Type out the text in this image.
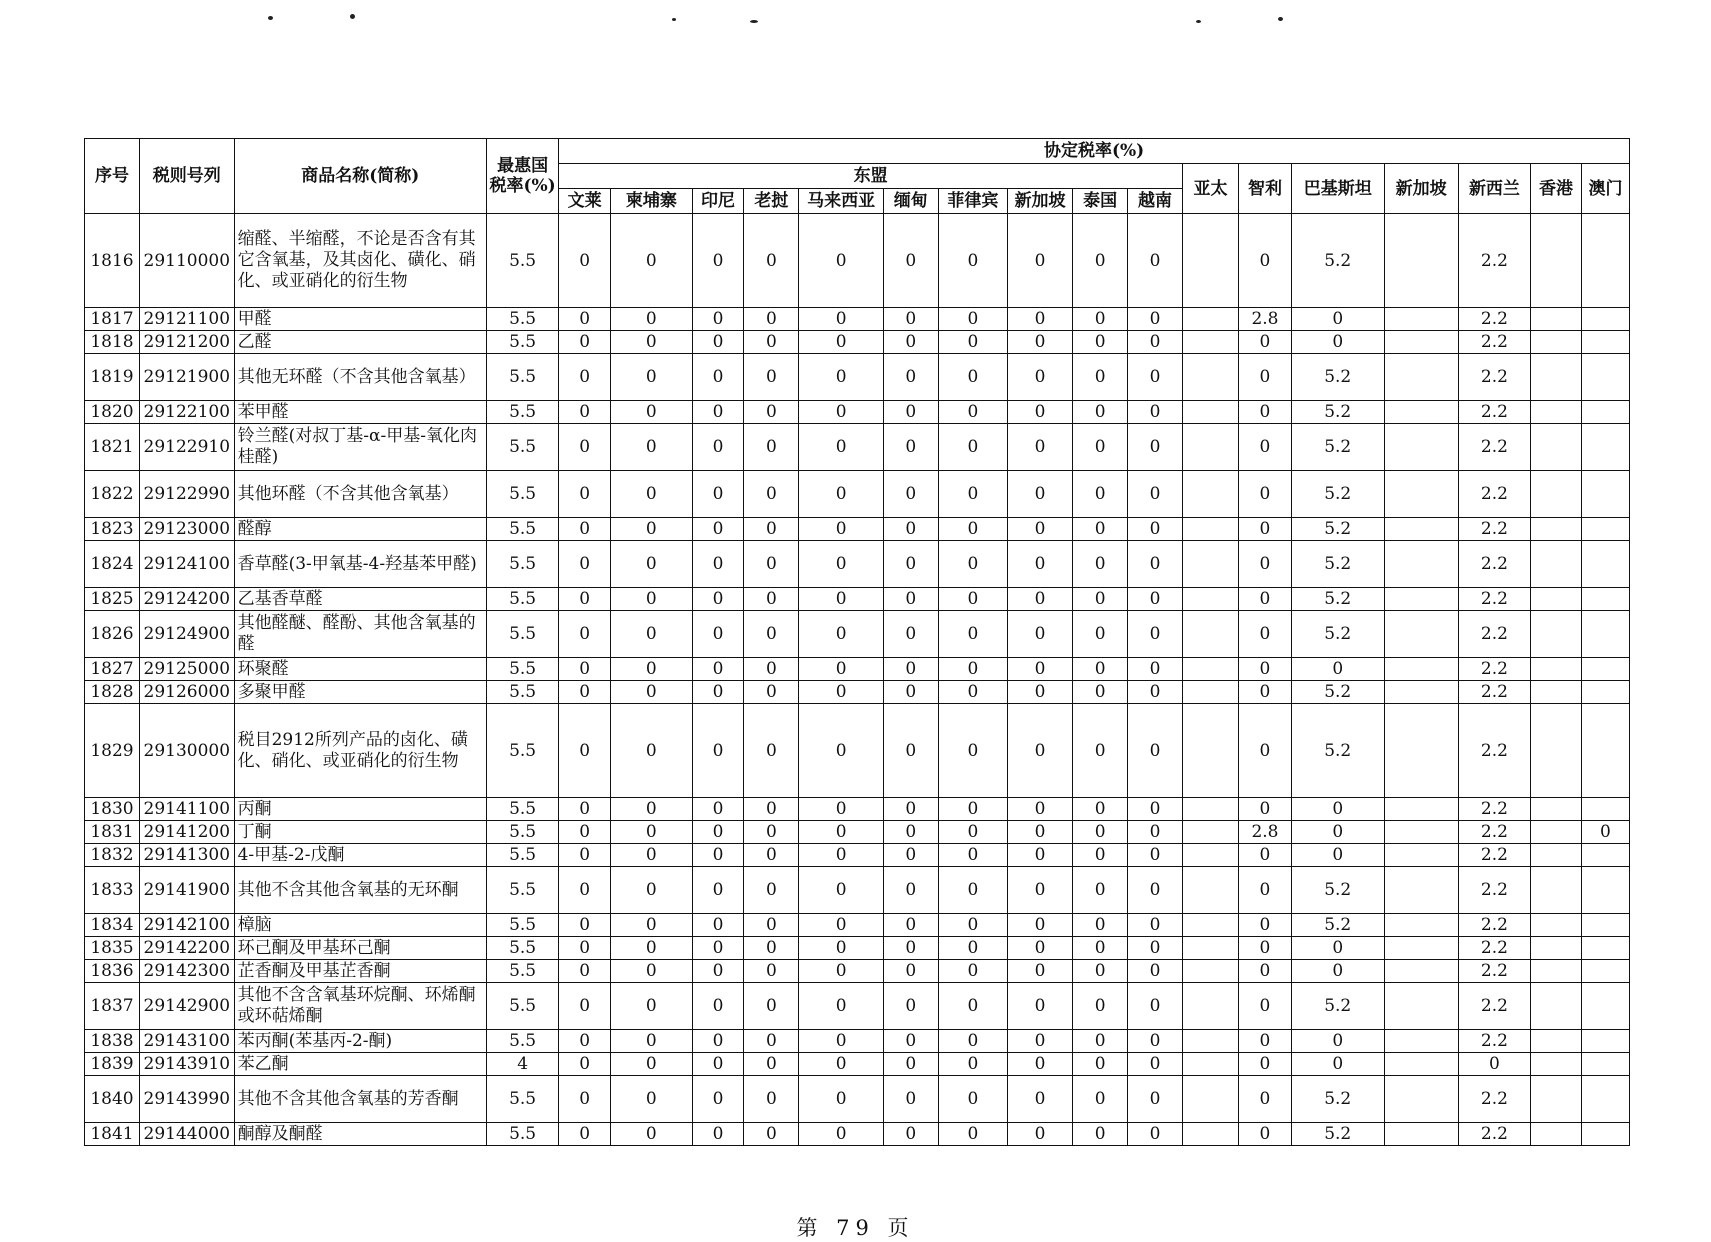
序号	税则号列	商品名称(简称)	最惠国税率(%)	协定税率(%)																
				东盟										亚太	智利	巴基斯坦	新加坡	新西兰	香港	澳门
				文莱	柬埔寨	印尼	老挝	马来西亚	缅甸	菲律宾	新加坡	泰国	越南							
1816	29110000	缩醛、半缩醛，不论是否含有其它含氧基，及其卤化、磺化、硝化、或亚硝化的衍生物	5.5	0	0	0	0	0	0	0	0	0	0		0	5.2		2.2		
1817	29121100	甲醛	5.5	0	0	0	0	0	0	0	0	0	0		2.8	0		2.2		
1818	29121200	乙醛	5.5	0	0	0	0	0	0	0	0	0	0		0	0		2.2		
1819	29121900	其他无环醛（不含其他含氧基）	5.5	0	0	0	0	0	0	0	0	0	0		0	5.2		2.2		
1820	29122100	苯甲醛	5.5	0	0	0	0	0	0	0	0	0	0		0	5.2		2.2		
1821	29122910	铃兰醛(对叔丁基-α-甲基-氧化肉桂醛)	5.5	0	0	0	0	0	0	0	0	0	0		0	5.2		2.2		
1822	29122990	其他环醛（不含其他含氧基）	5.5	0	0	0	0	0	0	0	0	0	0		0	5.2		2.2		
1823	29123000	醛醇	5.5	0	0	0	0	0	0	0	0	0	0		0	5.2		2.2		
1824	29124100	香草醛(3-甲氧基-4-羟基苯甲醛)	5.5	0	0	0	0	0	0	0	0	0	0		0	5.2		2.2		
1825	29124200	乙基香草醛	5.5	0	0	0	0	0	0	0	0	0	0		0	5.2		2.2		
1826	29124900	其他醛醚、醛酚、其他含氧基的醛	5.5	0	0	0	0	0	0	0	0	0	0		0	5.2		2.2		
1827	29125000	环聚醛	5.5	0	0	0	0	0	0	0	0	0	0		0	0		2.2		
1828	29126000	多聚甲醛	5.5	0	0	0	0	0	0	0	0	0	0		0	5.2		2.2		
1829	29130000	税目2912所列产品的卤化、磺化、硝化、或亚硝化的衍生物	5.5	0	0	0	0	0	0	0	0	0	0		0	5.2		2.2		
1830	29141100	丙酮	5.5	0	0	0	0	0	0	0	0	0	0		0	0		2.2		
1831	29141200	丁酮	5.5	0	0	0	0	0	0	0	0	0	0		2.8	0		2.2		0
1832	29141300	4-甲基-2-戊酮	5.5	0	0	0	0	0	0	0	0	0	0		0	0		2.2		
1833	29141900	其他不含其他含氧基的无环酮	5.5	0	0	0	0	0	0	0	0	0	0		0	5.2		2.2		
1834	29142100	樟脑	5.5	0	0	0	0	0	0	0	0	0	0		0	5.2		2.2		
1835	29142200	环己酮及甲基环己酮	5.5	0	0	0	0	0	0	0	0	0	0		0	0		2.2		
1836	29142300	芷香酮及甲基芷香酮	5.5	0	0	0	0	0	0	0	0	0	0		0	0		2.2		
1837	29142900	其他不含含氧基环烷酮、环烯酮或环萜烯酮	5.5	0	0	0	0	0	0	0	0	0	0		0	5.2		2.2		
1838	29143100	苯丙酮(苯基丙-2-酮)	5.5	0	0	0	0	0	0	0	0	0	0		0	0		2.2		
1839	29143910	苯乙酮	4	0	0	0	0	0	0	0	0	0	0		0	0		0		
1840	29143990	其他不含其他含氧基的芳香酮	5.5	0	0	0	0	0	0	0	0	0	0		0	5.2		2.2		
1841	29144000	酮醇及酮醛	5.5	0	0	0	0	0	0	0	0	0	0		0	5.2		2.2		
第 79 页
